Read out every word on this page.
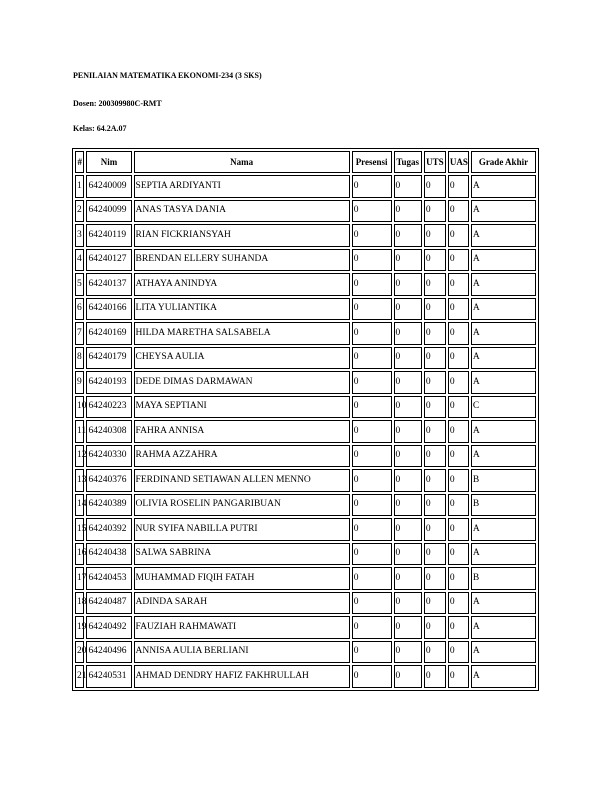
PENILAIAN MATEMATIKA EKONOMI-234 (3 SKS)
Dosen: 200309980C-RMT
Kelas: 64.2A.07
#	Nim	Nama	Presensi	Tugas	UTS	UAS	Grade Akhir
1	64240009	SEPTIA ARDIYANTI	0	0	0	0	A
2	64240099	ANAS TASYA DANIA	0	0	0	0	A
3	64240119	RIAN FICKRIANSYAH	0	0	0	0	A
4	64240127	BRENDAN ELLERY SUHANDA	0	0	0	0	A
5	64240137	ATHAYA ANINDYA	0	0	0	0	A
6	64240166	LITA YULIANTIKA	0	0	0	0	A
7	64240169	HILDA MARETHA SALSABELA	0	0	0	0	A
8	64240179	CHEYSA AULIA	0	0	0	0	A
9	64240193	DEDE DIMAS DARMAWAN	0	0	0	0	A
10	64240223	MAYA SEPTIANI	0	0	0	0	C
11	64240308	FAHRA ANNISA	0	0	0	0	A
12	64240330	RAHMA AZZAHRA	0	0	0	0	A
13	64240376	FERDINAND SETIAWAN ALLEN MENNO	0	0	0	0	B
14	64240389	OLIVIA ROSELIN PANGARIBUAN	0	0	0	0	B
15	64240392	NUR SYIFA NABILLA PUTRI	0	0	0	0	A
16	64240438	SALWA SABRINA	0	0	0	0	A
17	64240453	MUHAMMAD FIQIH FATAH	0	0	0	0	B
18	64240487	ADINDA SARAH	0	0	0	0	A
19	64240492	FAUZIAH RAHMAWATI	0	0	0	0	A
20	64240496	ANNISA AULIA BERLIANI	0	0	0	0	A
21	64240531	AHMAD DENDRY HAFIZ FAKHRULLAH	0	0	0	0	A
